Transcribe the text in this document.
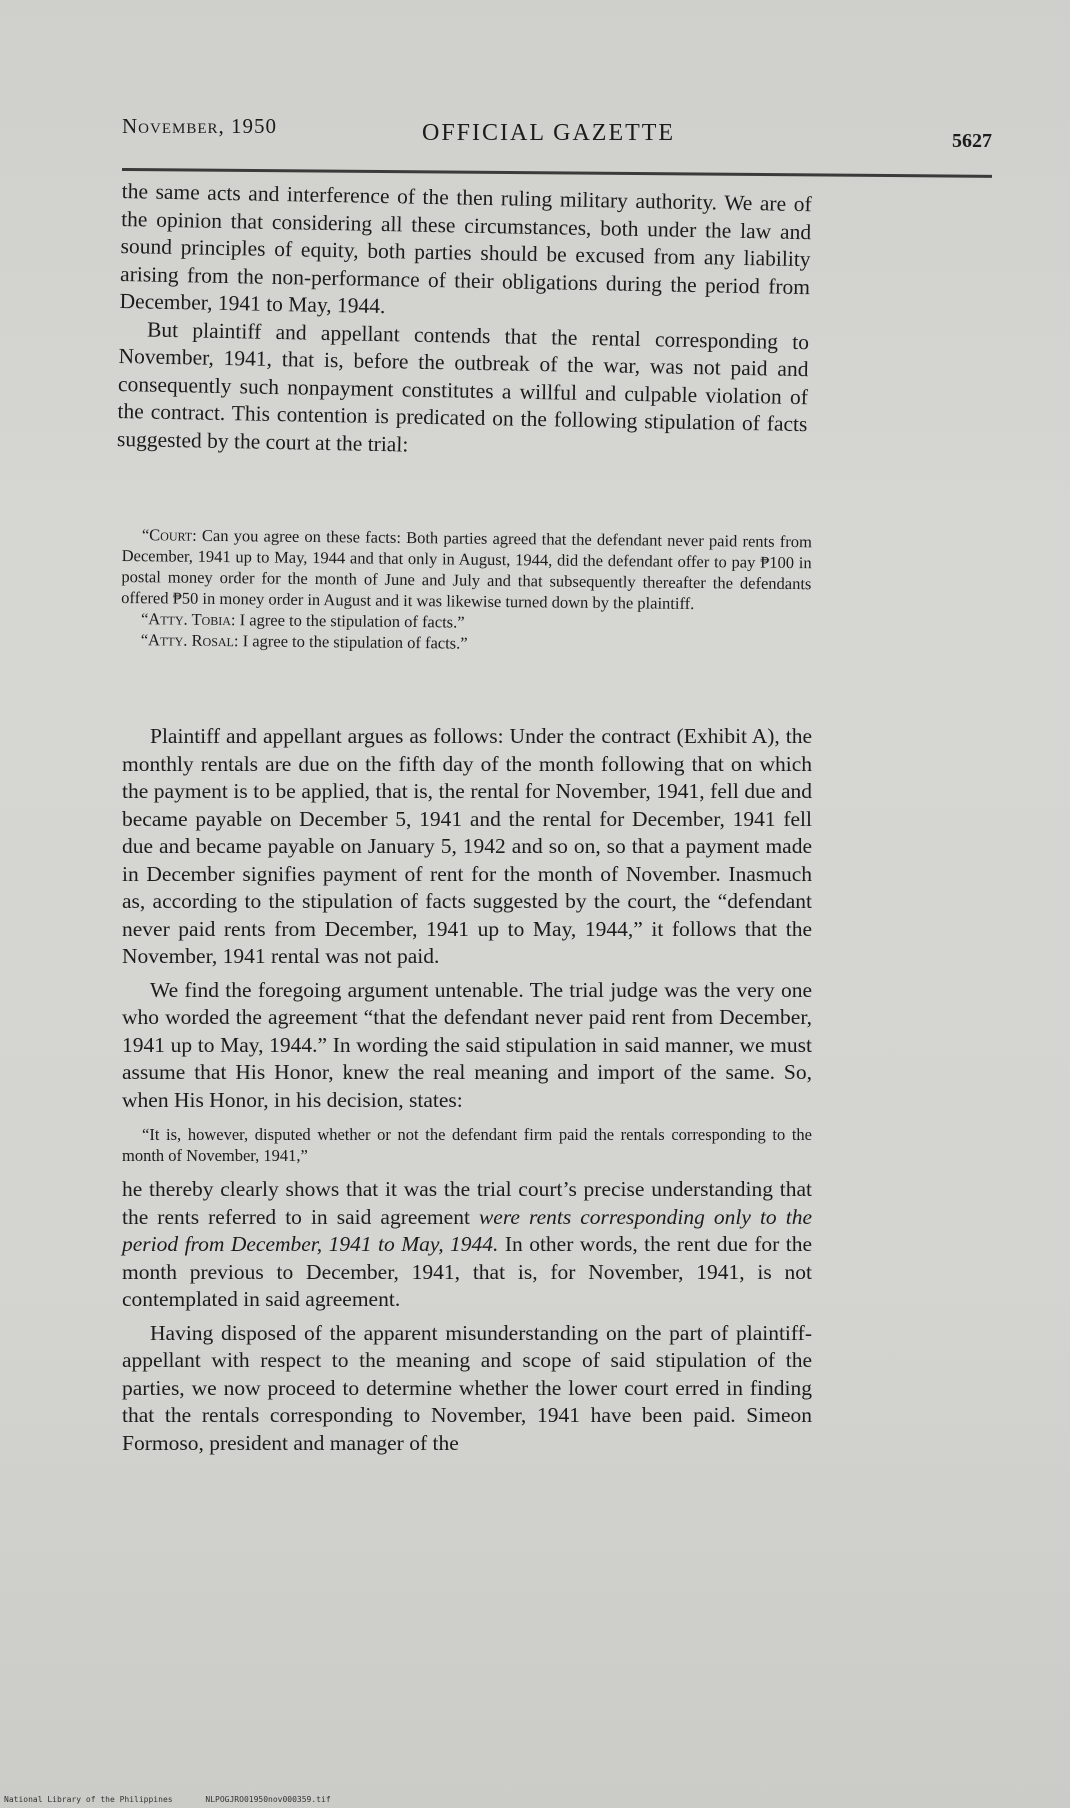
November, 1950	OFFICIAL GAZETTE	5627

the same acts and interference of the then ruling military authority. We are of the opinion that considering all these circumstances, both under the law and sound principles of equity, both parties should be excused from any liability arising from the non-performance of their obligations during the period from December, 1941 to May, 1944.

But plaintiff and appellant contends that the rental corresponding to November, 1941, that is, before the outbreak of the war, was not paid and consequently such nonpayment constitutes a willful and culpable violation of the contract. This contention is predicated on the following stipulation of facts suggested by the court at the trial:

“Court: Can you agree on these facts: Both parties agreed that the defendant never paid rents from December, 1941 up to May, 1944 and that only in August, 1944, did the defendant offer to pay ₱100 in postal money order for the month of June and July and that subsequently thereafter the defendants offered ₱50 in money order in August and it was likewise turned down by the plaintiff.

“Atty. Tobia: I agree to the stipulation of facts.”

“Atty. Rosal: I agree to the stipulation of facts.”

Plaintiff and appellant argues as follows: Under the contract (Exhibit A), the monthly rentals are due on the fifth day of the month following that on which the payment is to be applied, that is, the rental for November, 1941, fell due and became payable on December 5, 1941 and the rental for December, 1941 fell due and became payable on January 5, 1942 and so on, so that a payment made in December signifies payment of rent for the month of November. Inasmuch as, according to the stipulation of facts suggested by the court, the “defendant never paid rents from December, 1941 up to May, 1944,” it follows that the November, 1941 rental was not paid.

We find the foregoing argument untenable. The trial judge was the very one who worded the agreement “that the defendant never paid rent from December, 1941 up to May, 1944.” In wording the said stipulation in said manner, we must assume that His Honor, knew the real meaning and import of the same. So, when His Honor, in his decision, states:

“It is, however, disputed whether or not the defendant firm paid the rentals corresponding to the month of November, 1941,”

he thereby clearly shows that it was the trial court’s precise understanding that the rents referred to in said agreement were rents corresponding only to the period from December, 1941 to May, 1944. In other words, the rent due for the month previous to December, 1941, that is, for November, 1941, is not contemplated in said agreement.

Having disposed of the apparent misunderstanding on the part of plaintiff-appellant with respect to the meaning and scope of said stipulation of the parties, we now proceed to determine whether the lower court erred in finding that the rentals corresponding to November, 1941 have been paid. Simeon Formoso, president and manager of the

National Library of the Philippines	NLPOGJRO01950nov000359.tif
